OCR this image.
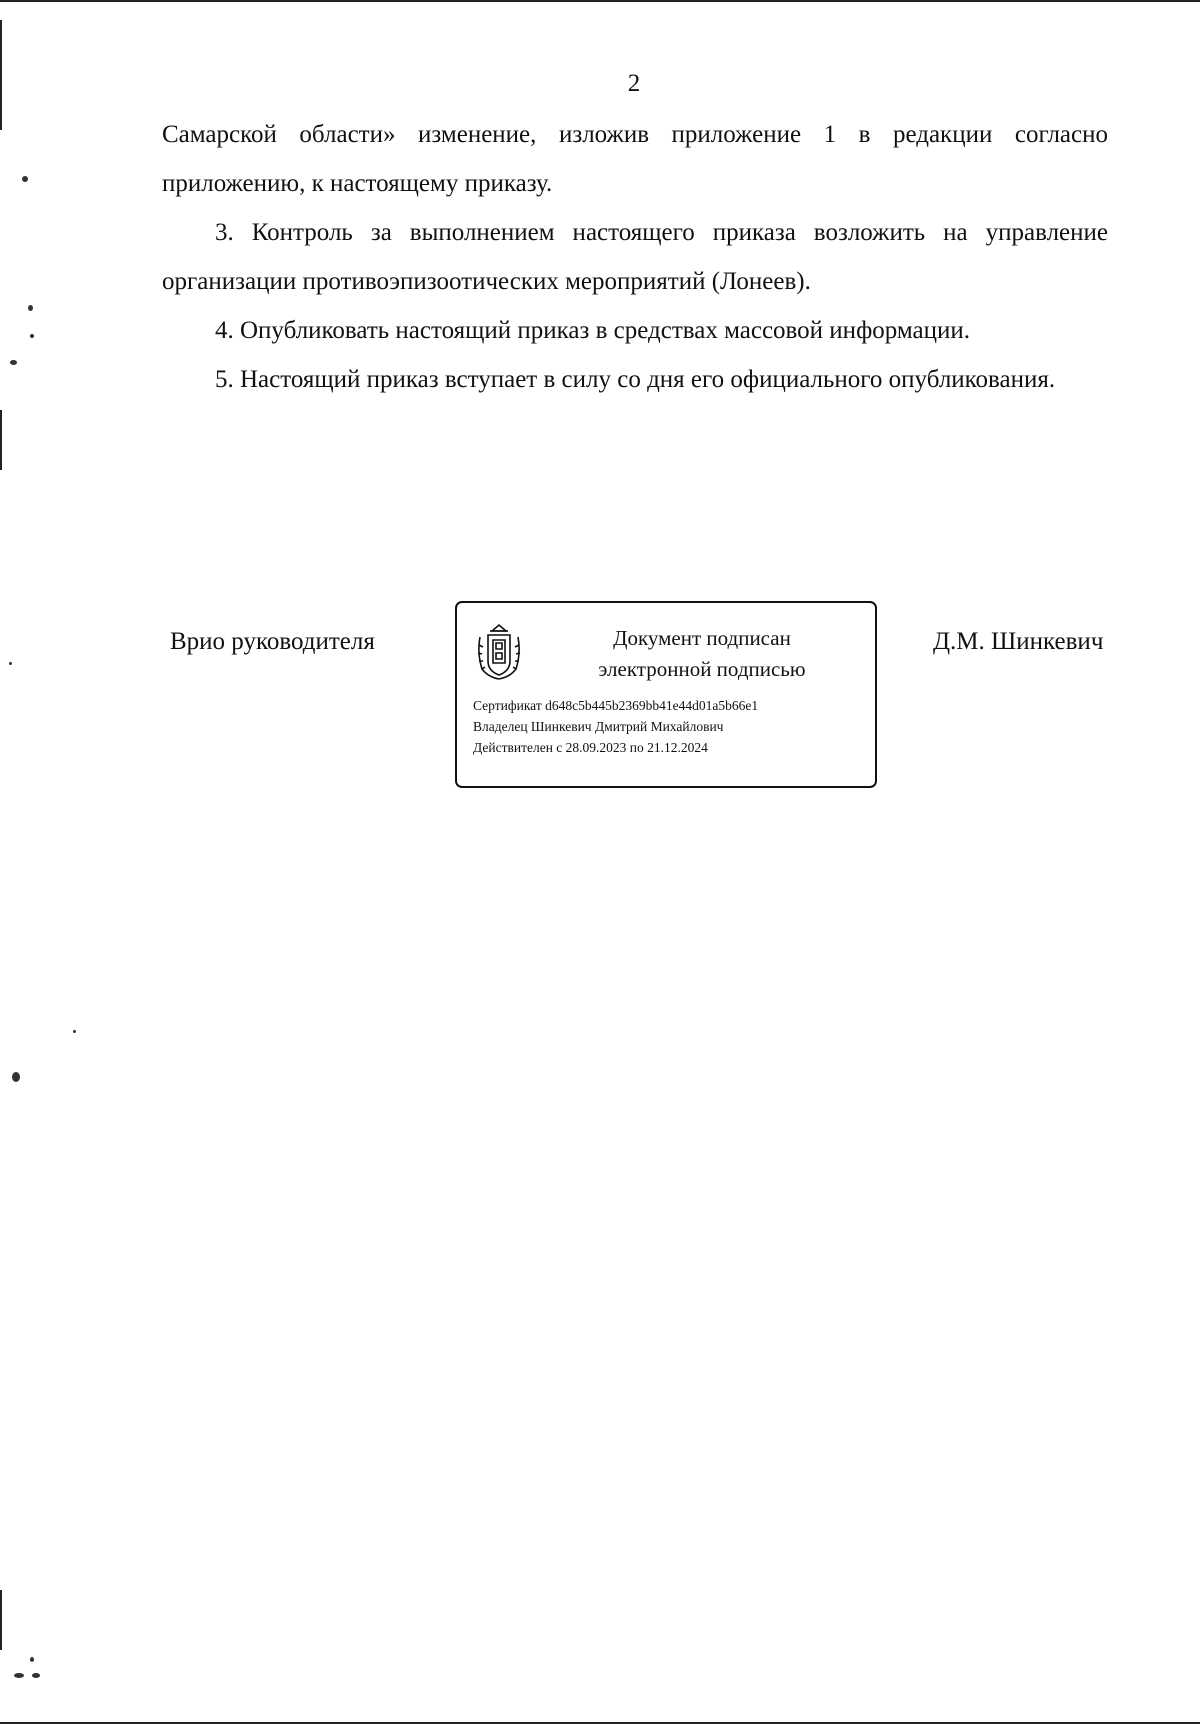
2

Самарской области» изменение, изложив приложение 1 в редакции согласно приложению, к настоящему приказу.

3. Контроль за выполнением настоящего приказа возложить на управление организации противоэпизоотических мероприятий (Лонеев).

4. Опубликовать настоящий приказ в средствах массовой информации.

5. Настоящий приказ вступает в силу со дня его официального опубликования.

Врио руководителя	Документ подписан
электронной подписью
Сертификат d648c5b445b2369bb41e44d01a5b66e1
Владелец Шинкевич Дмитрий Михайлович
Действителен с 28.09.2023 по 21.12.2024
Д.М. Шинкевич
